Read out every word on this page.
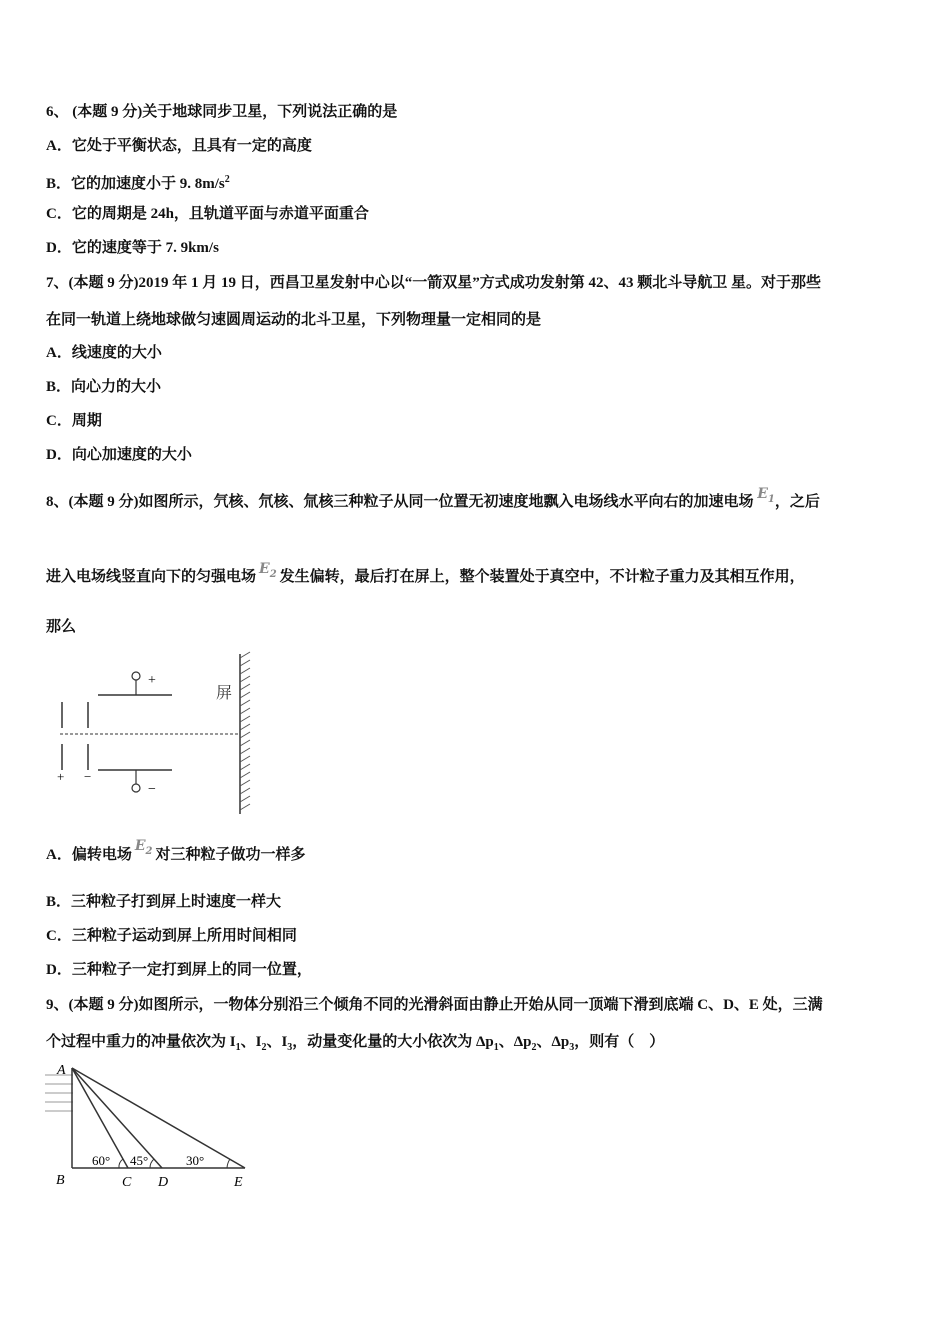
6、 (本题 9 分)关于地球同步卫星，下列说法正确的是
A．它处于平衡状态，且具有一定的高度
B．它的加速度小于 9. $8m/s^2$
C．它的周期是 24h，且轨道平面与赤道平面重合
D．它的速度等于 7. 9km/s
7、(本题 9 分)2019 年 1 月 19 日，西昌卫星发射中心以“一箭双星”方式成功发射第 42、43 颗北斗导航卫 星。对于那些
在同一轨道上绕地球做匀速圆周运动的北斗卫星，下列物理量一定相同的是
A．线速度的大小
B．向心力的大小
C．周期
D．向心加速度的大小
8、(本题 9 分)如图所示，氕核、氘核、氚核三种粒子从同一位置无初速度地飘入电场线水平向右的加速电场 $E_1$，之后
进入电场线竖直向下的匀强电场 $E_2$ 发生偏转，最后打在屏上，整个装置处于真空中，不计粒子重力及其相互作用，
那么
+ −
+
−
屏
A．偏转电场$E_2$ 对三种粒子做功一样多
B．三种粒子打到屏上时速度一样大
C．三种粒子运动到屏上所用时间相同
D．三种粒子一定打到屏上的同一位置，
9、(本题 9 分)如图所示，一物体分别沿三个倾角不同的光滑斜面由静止开始从同一顶端下滑到底端 C、D、E 处，三满
个过程中重力的冲量依次为 $I_1$、$I_2$、$I_3$，动量变化量的大小依次为 $\Delta p_1$、$\Delta p_2$、$\Delta p_3$，则有（　）
A
B	C D	E
60° 45°	30°
